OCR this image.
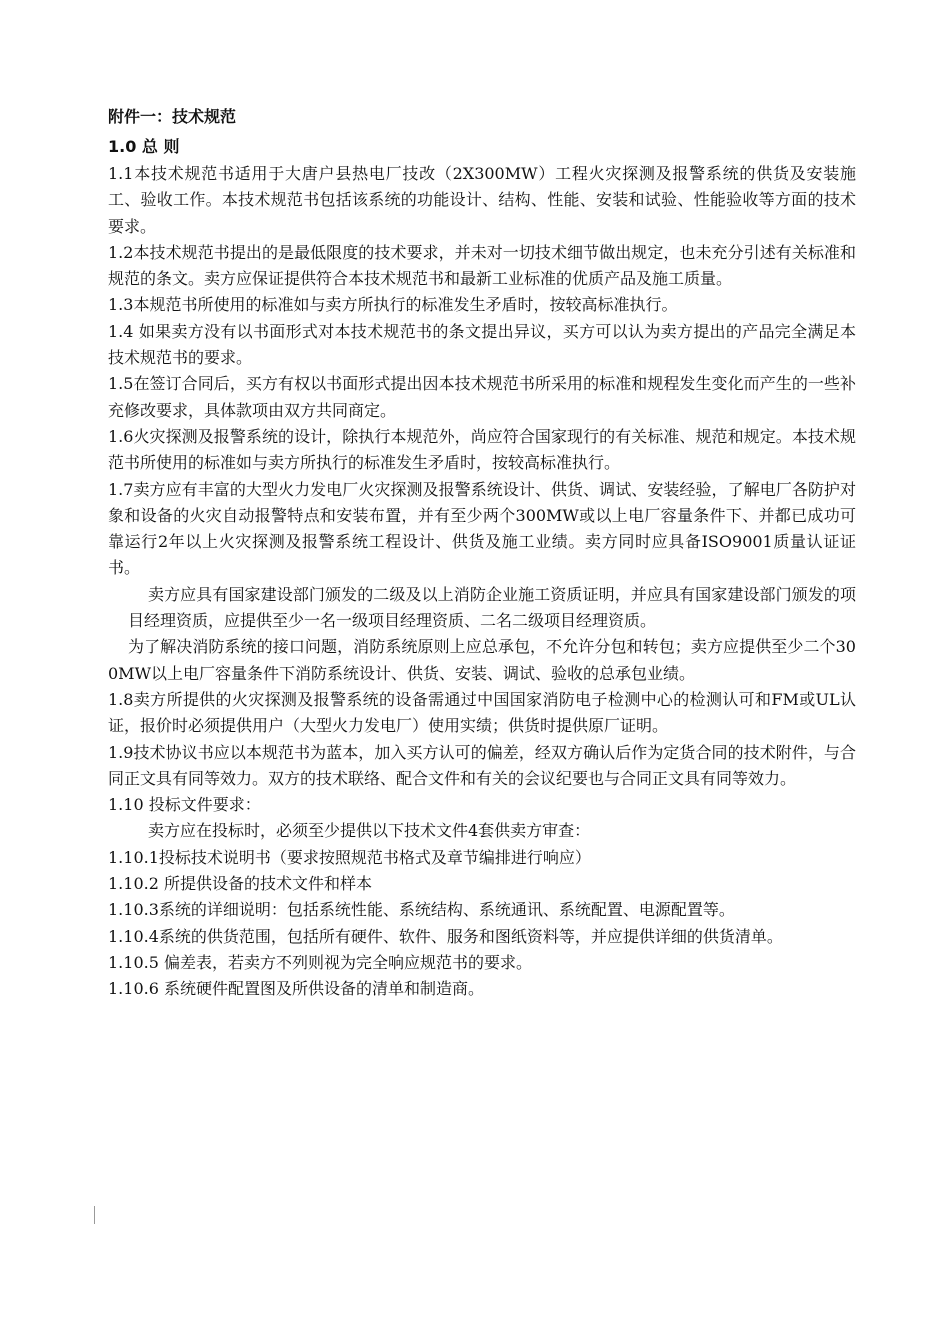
附件一：技术规范

1.0 总 则

1.1本技术规范书适用于大唐户县热电厂技改（2X300MW）工程火灾探测及报警系统的供货及安装施工、验收工作。本技术规范书包括该系统的功能设计、结构、性能、安装和试验、性能验收等方面的技术要求。

1.2本技术规范书提出的是最低限度的技术要求，并未对一切技术细节做出规定，也未充分引述有关标准和规范的条文。卖方应保证提供符合本技术规范书和最新工业标准的优质产品及施工质量。

1.3本规范书所使用的标准如与卖方所执行的标准发生矛盾时，按较高标准执行。

1.4 如果卖方没有以书面形式对本技术规范书的条文提出异议，买方可以认为卖方提出的产品完全满足本技术规范书的要求。

1.5在签订合同后，买方有权以书面形式提出因本技术规范书所采用的标准和规程发生变化而产生的一些补充修改要求，具体款项由双方共同商定。

1.6火灾探测及报警系统的设计，除执行本规范外，尚应符合国家现行的有关标准、规范和规定。本技术规范书所使用的标准如与卖方所执行的标准发生矛盾时，按较高标准执行。

1.7卖方应有丰富的大型火力发电厂火灾探测及报警系统设计、供货、调试、安装经验，了解电厂各防护对象和设备的火灾自动报警特点和安装布置，并有至少两个300MW或以上电厂容量条件下、并都已成功可靠运行2年以上火灾探测及报警系统工程设计、供货及施工业绩。卖方同时应具备ISO9001质量认证证书。

卖方应具有国家建设部门颁发的二级及以上消防企业施工资质证明，并应具有国家建设部门颁发的项目经理资质，应提供至少一名一级项目经理资质、二名二级项目经理资质。

为了解决消防系统的接口问题，消防系统原则上应总承包，不允许分包和转包；卖方应提供至少二个300MW以上电厂容量条件下消防系统设计、供货、安装、调试、验收的总承包业绩。

1.8卖方所提供的火灾探测及报警系统的设备需通过中国国家消防电子检测中心的检测认可和FM或UL认证，报价时必须提供用户（大型火力发电厂）使用实绩；供货时提供原厂证明。

1.9技术协议书应以本规范书为蓝本，加入买方认可的偏差，经双方确认后作为定货合同的技术附件，与合同正文具有同等效力。双方的技术联络、配合文件和有关的会议纪要也与合同正文具有同等效力。

1.10 投标文件要求：

卖方应在投标时，必须至少提供以下技术文件4套供卖方审查：

1.10.1投标技术说明书（要求按照规范书格式及章节编排进行响应）

1.10.2 所提供设备的技术文件和样本

1.10.3系统的详细说明：包括系统性能、系统结构、系统通讯、系统配置、电源配置等。

1.10.4系统的供货范围，包括所有硬件、软件、服务和图纸资料等，并应提供详细的供货清单。

1.10.5 偏差表，若卖方不列则视为完全响应规范书的要求。

1.10.6 系统硬件配置图及所供设备的清单和制造商。
